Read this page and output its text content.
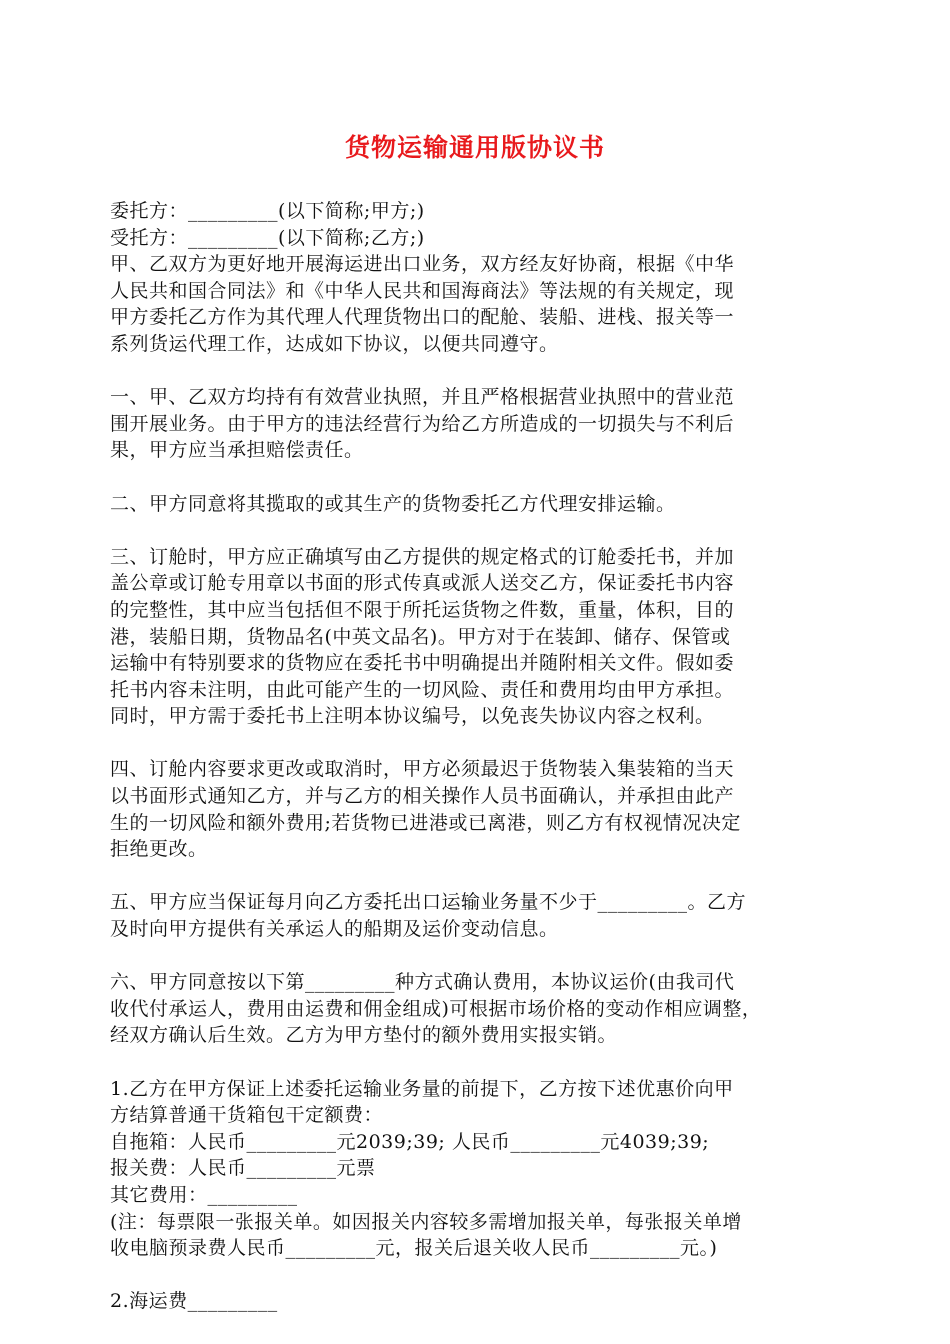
货物运输通用版协议书
委托方：_________(以下简称;甲方;)
受托方：_________(以下简称;乙方;)
甲、乙双方为更好地开展海运进出口业务，双方经友好协商，根据《中华
人民共和国合同法》和《中华人民共和国海商法》等法规的有关规定，现
甲方委托乙方作为其代理人代理货物出口的配舱、装船、进栈、报关等一
系列货运代理工作，达成如下协议，以便共同遵守。
一、甲、乙双方均持有有效营业执照，并且严格根据营业执照中的营业范
围开展业务。由于甲方的违法经营行为给乙方所造成的一切损失与不利后
果，甲方应当承担赔偿责任。
二、甲方同意将其揽取的或其生产的货物委托乙方代理安排运输。
三、订舱时，甲方应正确填写由乙方提供的规定格式的订舱委托书，并加
盖公章或订舱专用章以书面的形式传真或派人送交乙方，保证委托书内容
的完整性，其中应当包括但不限于所托运货物之件数，重量，体积，目的
港，装船日期，货物品名(中英文品名)。甲方对于在装卸、储存、保管或
运输中有特别要求的货物应在委托书中明确提出并随附相关文件。假如委
托书内容未注明，由此可能产生的一切风险、责任和费用均由甲方承担。
同时，甲方需于委托书上注明本协议编号，以免丧失协议内容之权利。
四、订舱内容要求更改或取消时，甲方必须最迟于货物装入集装箱的当天
以书面形式通知乙方，并与乙方的相关操作人员书面确认，并承担由此产
生的一切风险和额外费用;若货物已进港或已离港，则乙方有权视情况决定
拒绝更改。
五、甲方应当保证每月向乙方委托出口运输业务量不少于_________。乙方
及时向甲方提供有关承运人的船期及运价变动信息。
六、甲方同意按以下第_________种方式确认费用，本协议运价(由我司代
收代付承运人，费用由运费和佣金组成)可根据市场价格的变动作相应调整，
经双方确认后生效。乙方为甲方垫付的额外费用实报实销。
1.乙方在甲方保证上述委托运输业务量的前提下，乙方按下述优惠价向甲
方结算普通干货箱包干定额费：
自拖箱：人民币_________元2039;39; 人民币_________元4039;39;
报关费：人民币_________元票
其它费用：_________
(注：每票限一张报关单。如因报关内容较多需增加报关单，每张报关单增
收电脑预录费人民币_________元，报关后退关收人民币_________元。)
2.海运费_________
